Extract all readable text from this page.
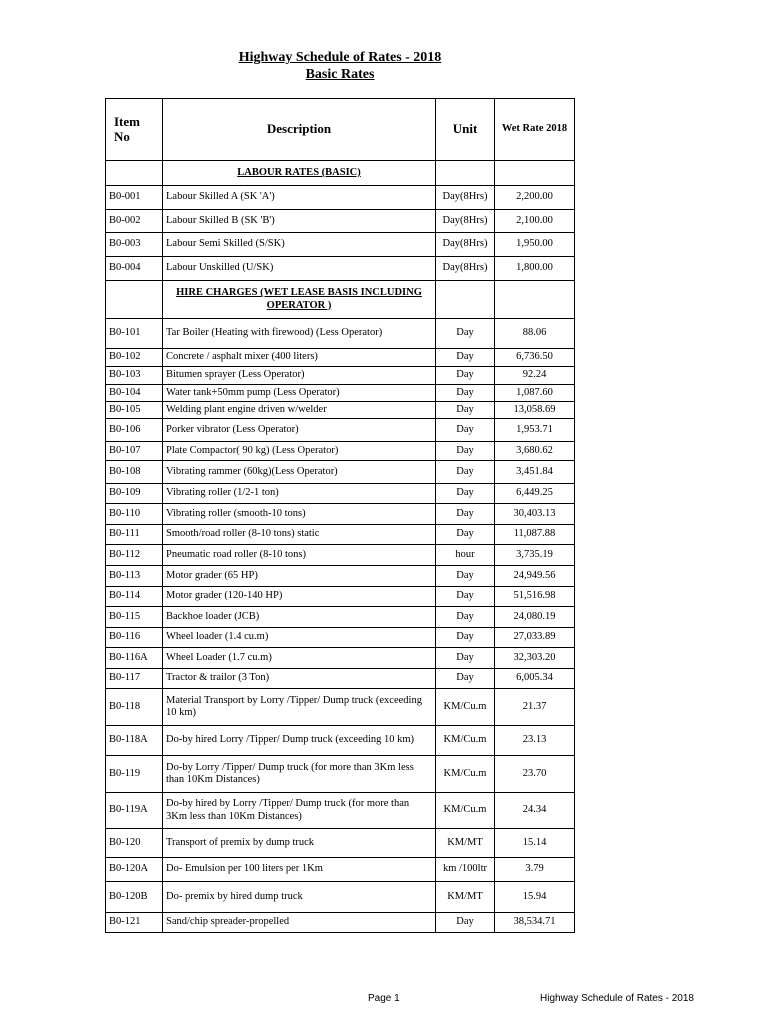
Highway Schedule of Rates - 2018
Basic Rates
Item No	Description	Unit	Wet Rate 2018
	LABOUR RATES (BASIC)		
B0-001	Labour Skilled A (SK 'A')	Day(8Hrs)	2,200.00
B0-002	Labour Skilled B (SK 'B')	Day(8Hrs)	2,100.00
B0-003	Labour Semi Skilled (S/SK)	Day(8Hrs)	1,950.00
B0-004	Labour Unskilled (U/SK)	Day(8Hrs)	1,800.00
	HIRE CHARGES (WET LEASE BASIS INCLUDING OPERATOR )		
B0-101	Tar Boiler (Heating with firewood) (Less Operator)	Day	88.06
B0-102	Concrete / asphalt mixer (400 liters)	Day	6,736.50
B0-103	Bitumen sprayer (Less Operator)	Day	92.24
B0-104	Water tank+50mm pump (Less Operator)	Day	1,087.60
B0-105	Welding plant engine driven w/welder	Day	13,058.69
B0-106	Porker vibrator (Less Operator)	Day	1,953.71
B0-107	Plate Compactor( 90 kg) (Less Operator)	Day	3,680.62
B0-108	Vibrating rammer (60kg)(Less Operator)	Day	3,451.84
B0-109	Vibrating roller (1/2-1 ton)	Day	6,449.25
B0-110	Vibrating roller (smooth-10 tons)	Day	30,403.13
B0-111	Smooth/road roller (8-10 tons) static	Day	11,087.88
B0-112	Pneumatic road roller (8-10 tons)	hour	3,735.19
B0-113	Motor grader (65 HP)	Day	24,949.56
B0-114	Motor grader (120-140 HP)	Day	51,516.98
B0-115	Backhoe loader (JCB)	Day	24,080.19
B0-116	Wheel loader (1.4 cu.m)	Day	27,033.89
B0-116A	Wheel Loader (1.7 cu.m)	Day	32,303.20
B0-117	Tractor & trailor (3 Ton)	Day	6,005.34
B0-118	Material Transport by Lorry /Tipper/ Dump truck (exceeding 10 km)	KM/Cu.m	21.37
B0-118A	Do-by hired Lorry /Tipper/ Dump truck (exceeding 10 km)	KM/Cu.m	23.13
B0-119	Do-by Lorry /Tipper/ Dump truck (for more than 3Km less than 10Km Distances)	KM/Cu.m	23.70
B0-119A	Do-by hired by Lorry /Tipper/ Dump truck (for more than 3Km less than 10Km Distances)	KM/Cu.m	24.34
B0-120	Transport of premix by dump truck	KM/MT	15.14
B0-120A	Do- Emulsion per 100 liters per 1Km	km /100ltr	3.79
B0-120B	Do- premix by hired dump truck	KM/MT	15.94
B0-121	Sand/chip spreader-propelled	Day	38,534.71
Page 1	Highway Schedule of Rates - 2018
